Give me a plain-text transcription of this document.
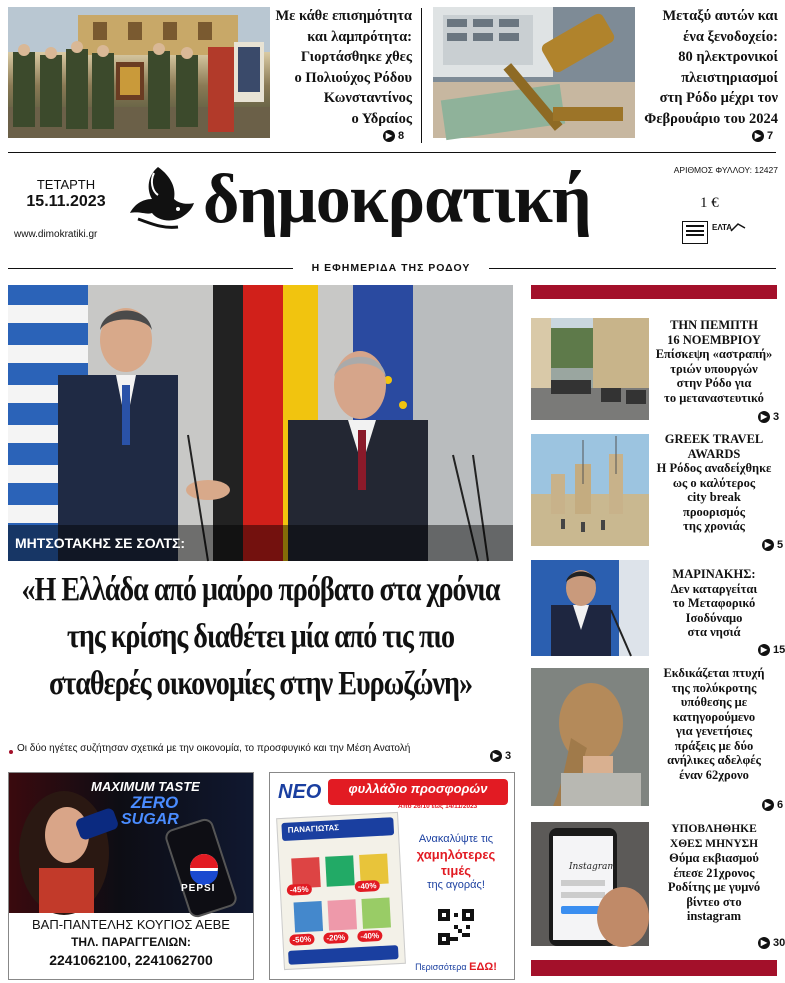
Με κάθε επισημότητα
και λαμπρότητα:
Γιορτάσθηκε χθες
ο Πολιούχος Ρόδου
Κωνσταντίνος
ο Υδραίος
▶ 8
Μεταξύ αυτών και
ένα ξενοδοχείο:
80 ηλεκτρονικοί
πλειστηριασμοί
στη Ρόδο μέχρι τον
Φεβρουάριο του 2024
▶ 7
ΤΕΤΑΡΤΗ
15.11.2023
www.dimokratiki.gr δημοκρατική	ΑΡΙΘΜΟΣ ΦΥΛΛΟΥ: 12427
1 €
ΕΛΤΑ
Η ΕΦΗΜΕΡΙΔΑ ΤΗΣ ΡΟΔΟΥ
ΜΗΤΣΟΤΑΚΗΣ ΣΕ ΣΟΛΤΣ:
«Η Ελλάδα από μαύρο πρόβατο στα χρόνια
της κρίσης διαθέτει μία από τις πιο
σταθερές οικονομίες στην Ευρωζώνη»
Οι δύο ηγέτες συζήτησαν σχετικά με την οικονομία, το προσφυγικό και την Μέση Ανατολή
▶ 3
MAXIMUM TASTE
ZERO
SUGAR
PEPSI
ΒΑΠ-ΠΑΝΤΕΛΗΣ ΚΟΥΓΙΟΣ ΑΕΒΕ
ΤΗΛ. ΠΑΡΑΓΓΕΛΙΩΝ:
2241062100, 2241062700
ΝΕΟ	φυλλάδιο προσφορών
Από 26/10 έως 14/11/2023
ΠΑΝΑΓΙΩΤΑΣ
-45%	-40%
-50%	-20%	-40%
Ανακαλύψτε τις
χαμηλότερες
τιμές
της αγοράς!
Περισσότερα ΕΔΩ!
ΤΗΝ ΠΕΜΠΤΗ
16 ΝΟΕΜΒΡΙΟΥ
Επίσκεψη «αστραπή»
τριών υπουργών
στην Ρόδο για
το μεταναστευτικό
▶ 3
GREEK TRAVEL
AWARDS
Η Ρόδος αναδείχθηκε
ως ο καλύτερος
city break
προορισμός
της χρονιάς
▶ 5
ΜΑΡΙΝΑΚΗΣ:
Δεν καταργείται
το Μεταφορικό
Ισοδύναμο
στα νησιά
▶ 15
Εκδικάζεται πτυχή
της πολύκροτης
υπόθεσης με
κατηγορούμενο
για γενετήσιες
πράξεις με δύο
ανήλικες αδελφές
έναν 62χρονο
▶ 6
Instagram
ΥΠΟΒΛΗΘΗΚΕ
ΧΘΕΣ ΜΗΝΥΣΗ
Θύμα εκβιασμού
έπεσε 21χρονος
Ροδίτης με γυμνό
βίντεο στο
instagram
▶ 30
